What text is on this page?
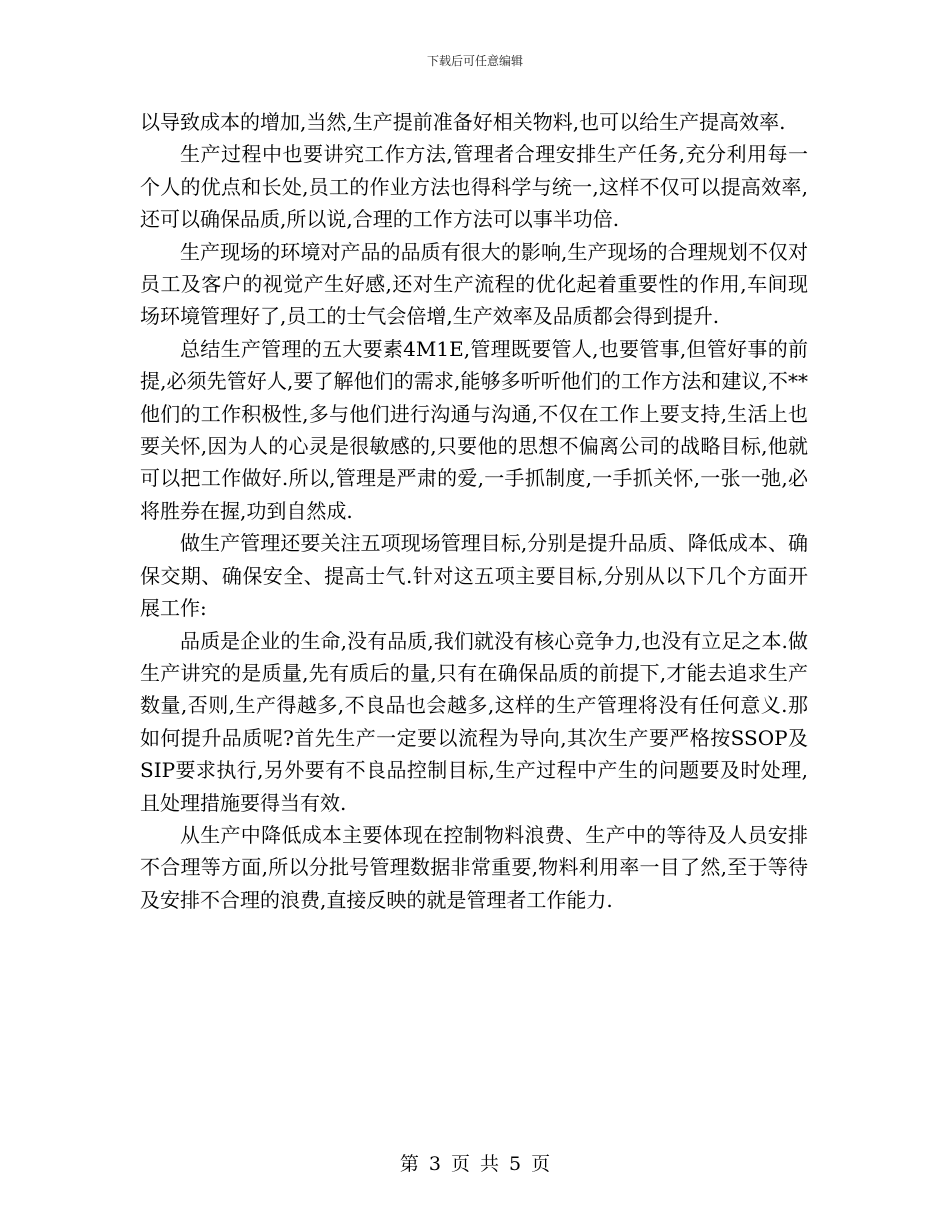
下载后可任意编辑

以导致成本的增加,当然,生产提前准备好相关物料,也可以给生产提高效率.

生产过程中也要讲究工作方法,管理者合理安排生产任务,充分利用每一个人的优点和长处,员工的作业方法也得科学与统一,这样不仅可以提高效率,还可以确保品质,所以说,合理的工作方法可以事半功倍.

生产现场的环境对产品的品质有很大的影响,生产现场的合理规划不仅对员工及客户的视觉产生好感,还对生产流程的优化起着重要性的作用,车间现场环境管理好了,员工的士气会倍增,生产效率及品质都会得到提升.

总结生产管理的五大要素4M1E,管理既要管人,也要管事,但管好事的前提,必须先管好人,要了解他们的需求,能够多听听他们的工作方法和建议,不**他们的工作积极性,多与他们进行沟通与沟通,不仅在工作上要支持,生活上也要关怀,因为人的心灵是很敏感的,只要他的思想不偏离公司的战略目标,他就可以把工作做好.所以,管理是严肃的爱,一手抓制度,一手抓关怀,一张一弛,必将胜券在握,功到自然成.

做生产管理还要关注五项现场管理目标,分别是提升品质、降低成本、确保交期、确保安全、提高士气.针对这五项主要目标,分别从以下几个方面开展工作:

品质是企业的生命,没有品质,我们就没有核心竞争力,也没有立足之本.做生产讲究的是质量,先有质后的量,只有在确保品质的前提下,才能去追求生产数量,否则,生产得越多,不良品也会越多,这样的生产管理将没有任何意义.那如何提升品质呢?首先生产一定要以流程为导向,其次生产要严格按SSOP及SIP要求执行,另外要有不良品控制目标,生产过程中产生的问题要及时处理,且处理措施要得当有效.

从生产中降低成本主要体现在控制物料浪费、生产中的等待及人员安排不合理等方面,所以分批号管理数据非常重要,物料利用率一目了然,至于等待及安排不合理的浪费,直接反映的就是管理者工作能力.

第 3 页 共 5 页
